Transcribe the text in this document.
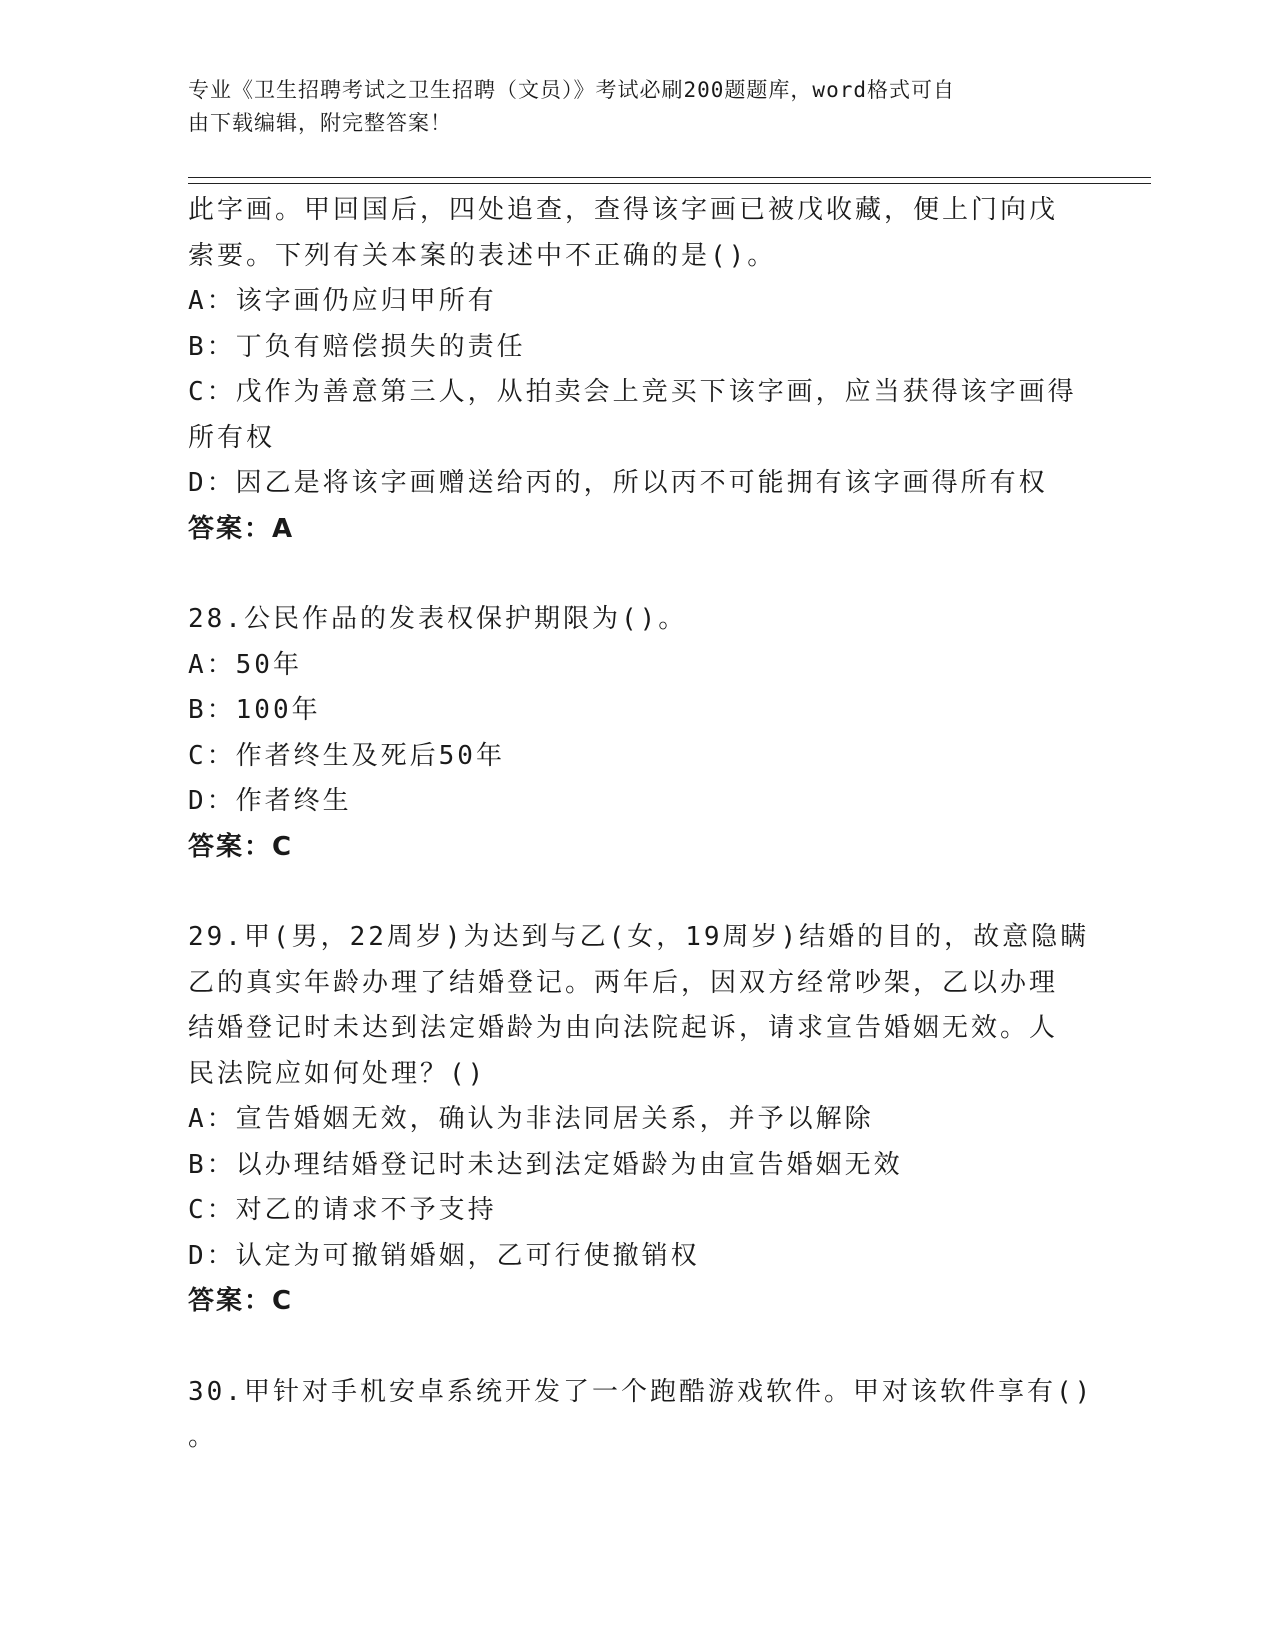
专业《卫生招聘考试之卫生招聘（文员）》考试必刷200题题库，word格式可自
由下载编辑，附完整答案！
此字画。甲回国后，四处追查，查得该字画已被戊收藏，便上门向戊
索要。下列有关本案的表述中不正确的是()。
A：该字画仍应归甲所有
B：丁负有赔偿损失的责任
C：戊作为善意第三人，从拍卖会上竞买下该字画，应当获得该字画得
所有权
D：因乙是将该字画赠送给丙的，所以丙不可能拥有该字画得所有权
答案：A
28.公民作品的发表权保护期限为()。
A：50年
B：100年
C：作者终生及死后50年
D：作者终生
答案：C
29.甲(男，22周岁)为达到与乙(女，19周岁)结婚的目的，故意隐瞒
乙的真实年龄办理了结婚登记。两年后，因双方经常吵架，乙以办理
结婚登记时未达到法定婚龄为由向法院起诉，请求宣告婚姻无效。人
民法院应如何处理？()
A：宣告婚姻无效，确认为非法同居关系，并予以解除
B：以办理结婚登记时未达到法定婚龄为由宣告婚姻无效
C：对乙的请求不予支持
D：认定为可撤销婚姻，乙可行使撤销权
答案：C
30.甲针对手机安卓系统开发了一个跑酷游戏软件。甲对该软件享有()
。
